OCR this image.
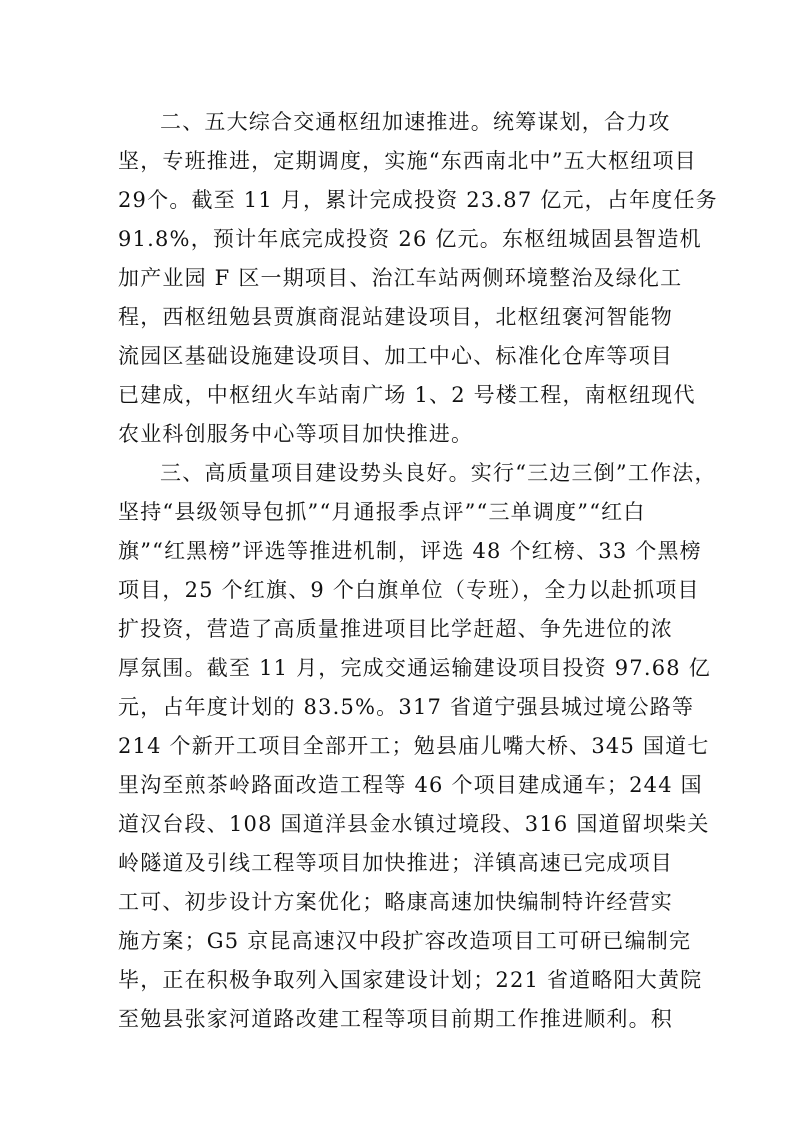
二、五大综合交通枢纽加速推进。统筹谋划，合力攻
坚，专班推进，定期调度，实施“东西南北中”五大枢纽项目
29个。截至 11 月，累计完成投资 23.87 亿元，占年度任务
91.8%，预计年底完成投资 26 亿元。东枢纽城固县智造机
加产业园 F 区一期项目、治江车站两侧环境整治及绿化工
程，西枢纽勉县贾旗商混站建设项目，北枢纽褒河智能物
流园区基础设施建设项目、加工中心、标准化仓库等项目
已建成，中枢纽火车站南广场 1、2 号楼工程，南枢纽现代
农业科创服务中心等项目加快推进。
三、高质量项目建设势头良好。实行“三边三倒”工作法，
坚持“县级领导包抓”“月通报季点评”“三单调度”“红白
旗”“红黑榜”评选等推进机制，评选 48 个红榜、33 个黑榜
项目，25 个红旗、9 个白旗单位（专班），全力以赴抓项目
扩投资，营造了高质量推进项目比学赶超、争先进位的浓
厚氛围。截至 11 月，完成交通运输建设项目投资 97.68 亿
元，占年度计划的 83.5%。317 省道宁强县城过境公路等
214 个新开工项目全部开工；勉县庙儿嘴大桥、345 国道七
里沟至煎茶岭路面改造工程等 46 个项目建成通车；244 国
道汉台段、108 国道洋县金水镇过境段、316 国道留坝柴关
岭隧道及引线工程等项目加快推进；洋镇高速已完成项目
工可、初步设计方案优化；略康高速加快编制特许经营实
施方案；G5 京昆高速汉中段扩容改造项目工可研已编制完
毕，正在积极争取列入国家建设计划；221 省道略阳大黄院
至勉县张家河道路改建工程等项目前期工作推进顺利。积
